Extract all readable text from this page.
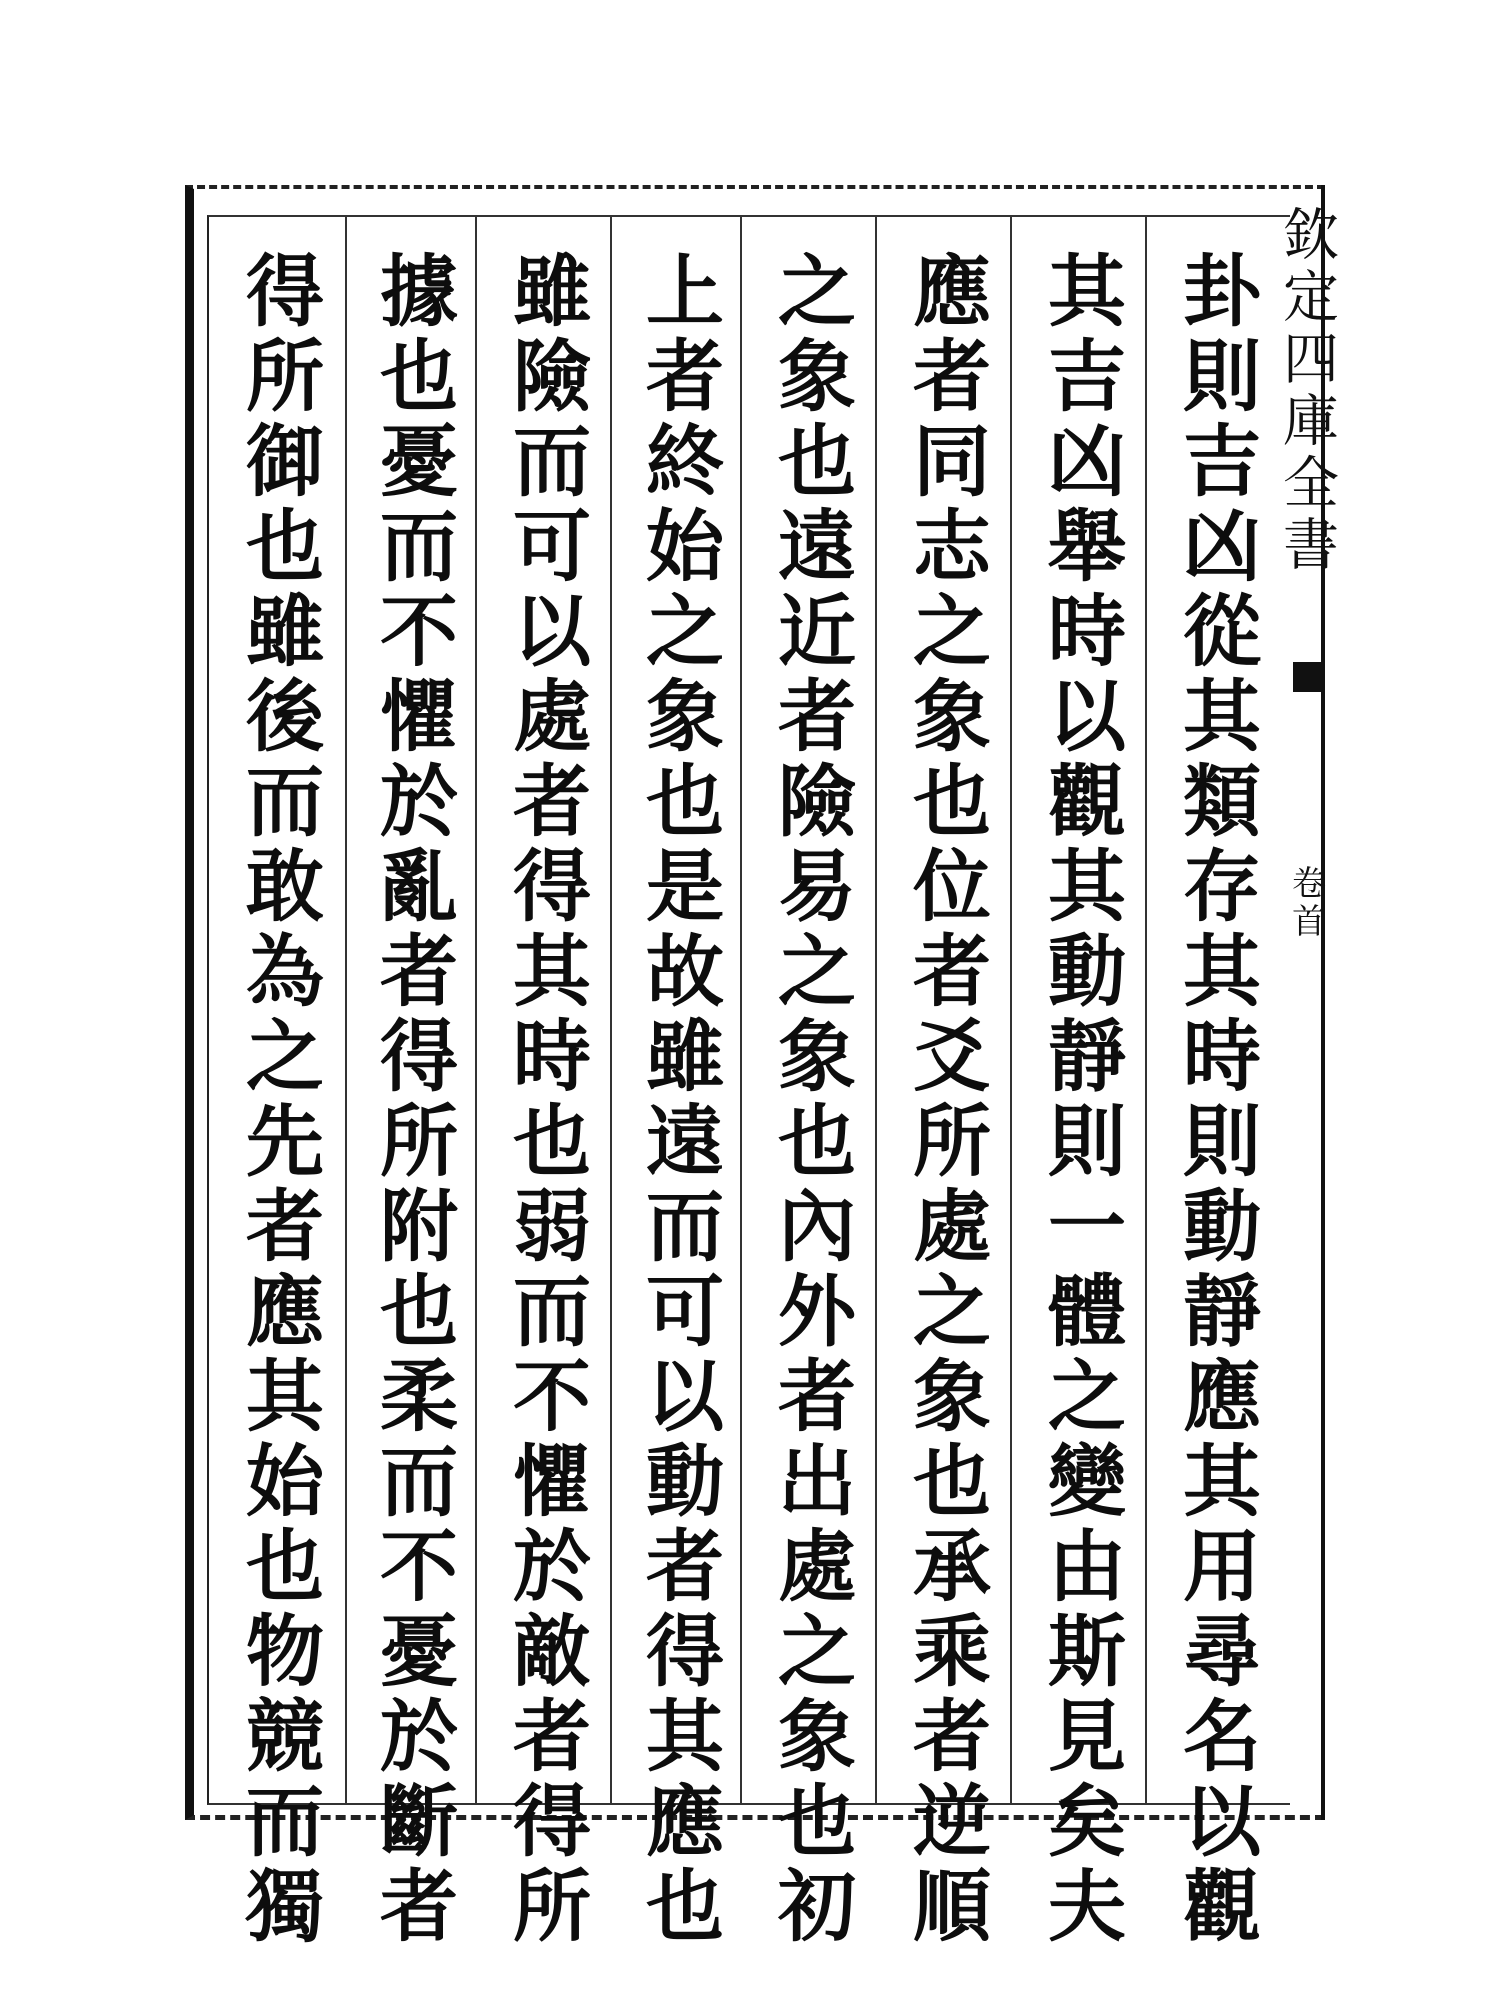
卦則吉凶從其類存其時則動靜應其用尋名以觀
其吉凶舉時以觀其動靜則一體之變由斯見矣夫
應者同志之象也位者爻所處之象也承乘者逆順
之象也遠近者險易之象也內外者出處之象也初
上者終始之象也是故雖遠而可以動者得其應也
雖險而可以處者得其時也弱而不懼於敵者得所
據也憂而不懼於亂者得所附也柔而不憂於斷者
得所御也雖後而敢為之先者應其始也物競而獨	欽定四庫全書
卷首
